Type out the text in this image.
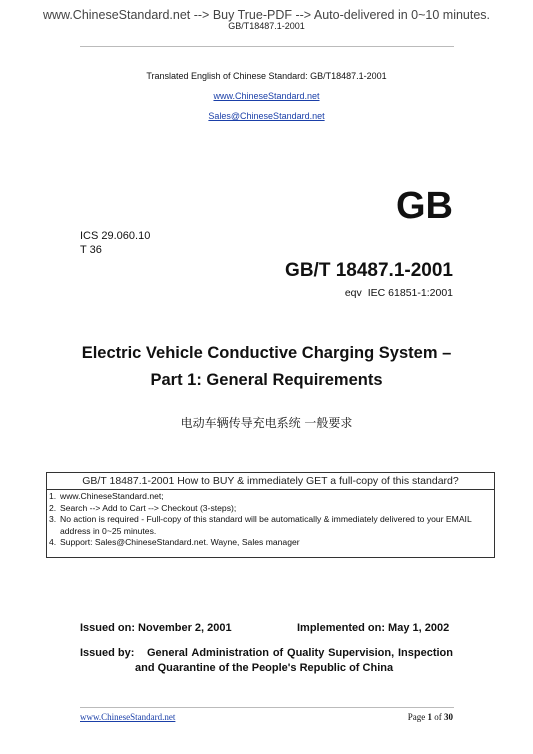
www.ChineseStandard.net --> Buy True-PDF --> Auto-delivered in 0~10 minutes.
GB/T18487.1-2001
Translated English of Chinese Standard: GB/T18487.1-2001
www.ChineseStandard.net
Sales@ChineseStandard.net
GB
ICS 29.060.10
T 36
GB/T 18487.1-2001
eqv IEC 61851-1:2001
Electric Vehicle Conductive Charging System –
Part 1: General Requirements
电动车辆传导充电系统 一般要求
GB/T 18487.1-2001 How to BUY & immediately GET a full-copy of this standard?
1. www.ChineseStandard.net;
2. Search --> Add to Cart --> Checkout (3-steps);
3. No action is required - Full-copy of this standard will be automatically & immediately delivered to your EMAIL address in 0~25 minutes.
4. Support: Sales@ChineseStandard.net. Wayne, Sales manager
Issued on: November 2, 2001	Implemented on: May 1, 2002
Issued by: General Administration of Quality Supervision, Inspection
and Quarantine of the People's Republic of China
www.ChineseStandard.net	Page 1 of 30
